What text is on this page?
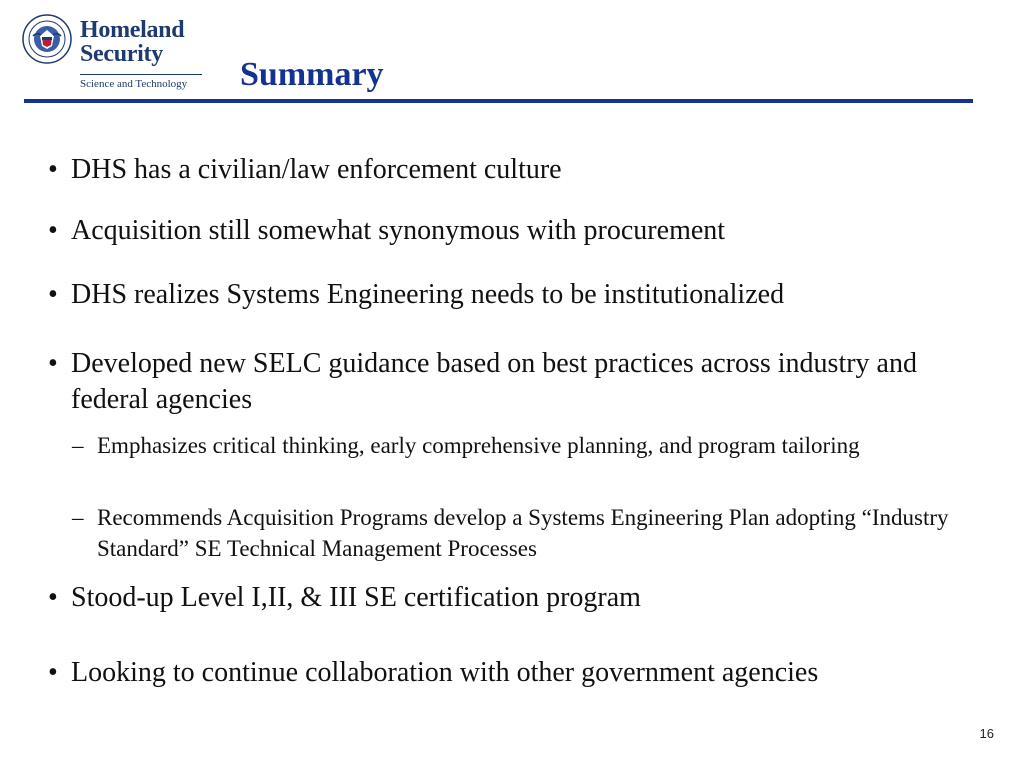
Homeland
Security
Science and Technology Summary
• DHS has a civilian/law enforcement culture
• Acquisition still somewhat synonymous with procurement
• DHS realizes Systems Engineering needs to be institutionalized
• Developed new SELC guidance based on best practices across industry and federal agencies
– Emphasizes critical thinking, early comprehensive planning, and program tailoring
– Recommends Acquisition Programs develop a Systems Engineering Plan adopting “Industry Standard” SE Technical Management Processes
• Stood-up Level I,II, & III SE certification program
• Looking to continue collaboration with other government agencies
16
